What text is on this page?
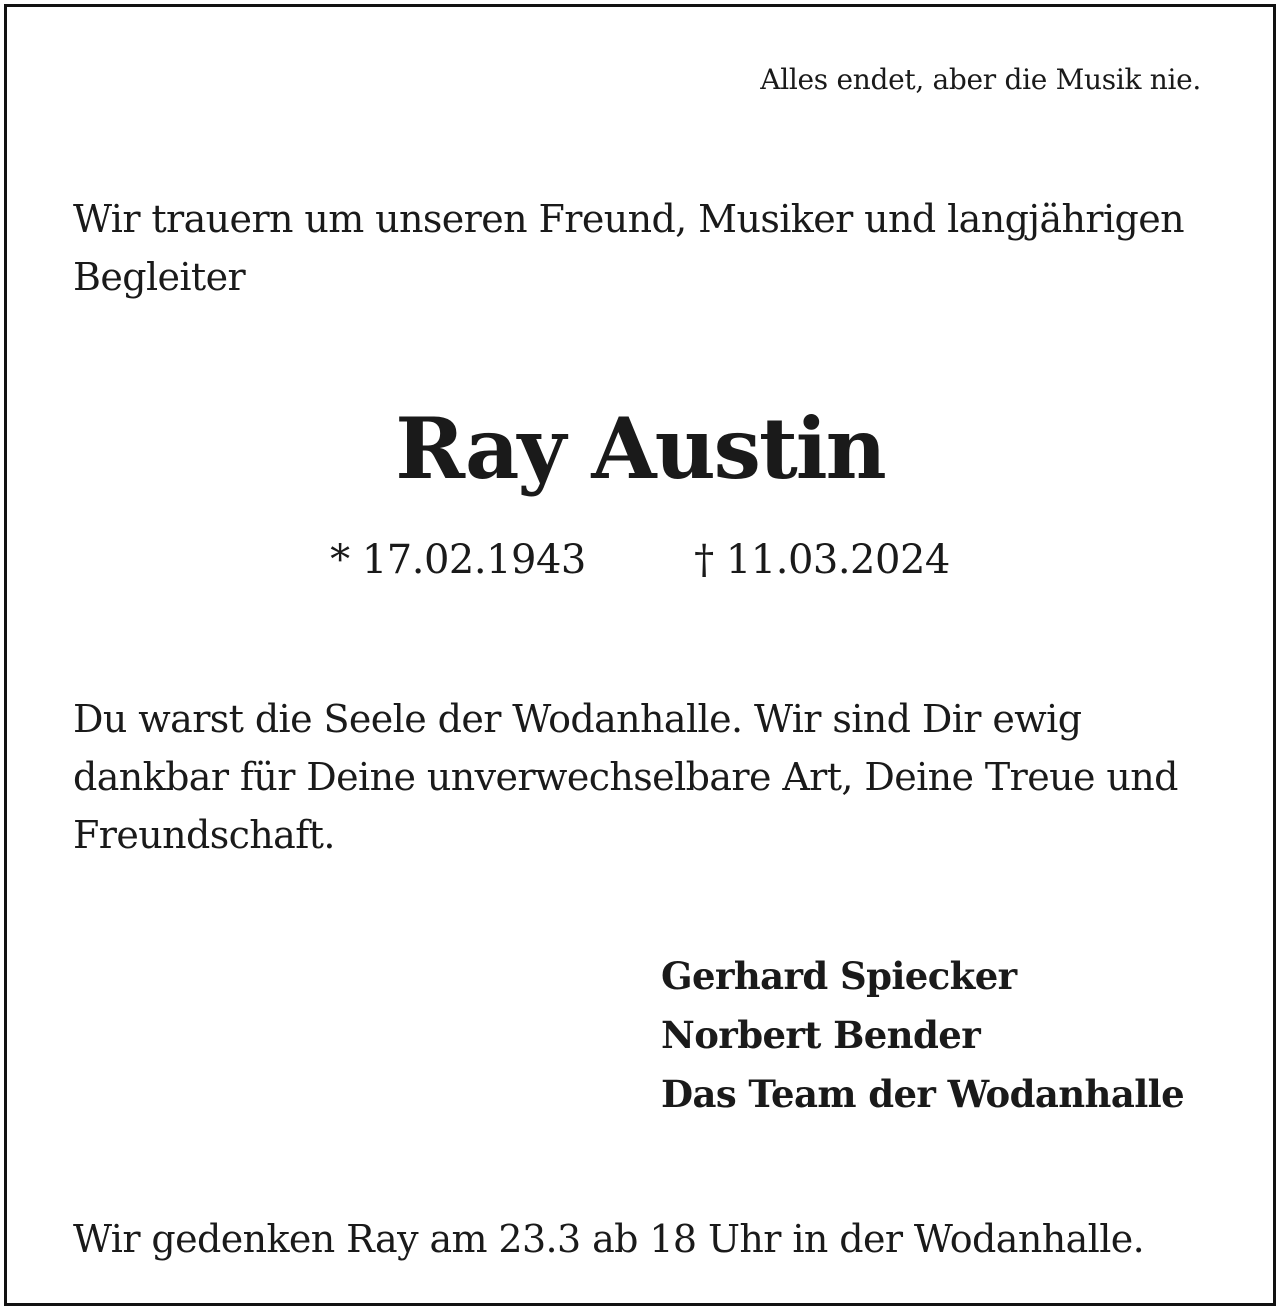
Alles endet, aber die Musik nie.

Wir trauern um unseren Freund, Musiker und langjährigen Begleiter

Ray Austin
* 17.02.1943	† 11.03.2024

Du warst die Seele der Wodanhalle. Wir sind Dir ewig dankbar für Deine unverwechselbare Art, Deine Treue und Freundschaft.

Gerhard Spiecker
Norbert Bender
Das Team der Wodanhalle

Wir gedenken Ray am 23.3 ab 18 Uhr in der Wodanhalle.
